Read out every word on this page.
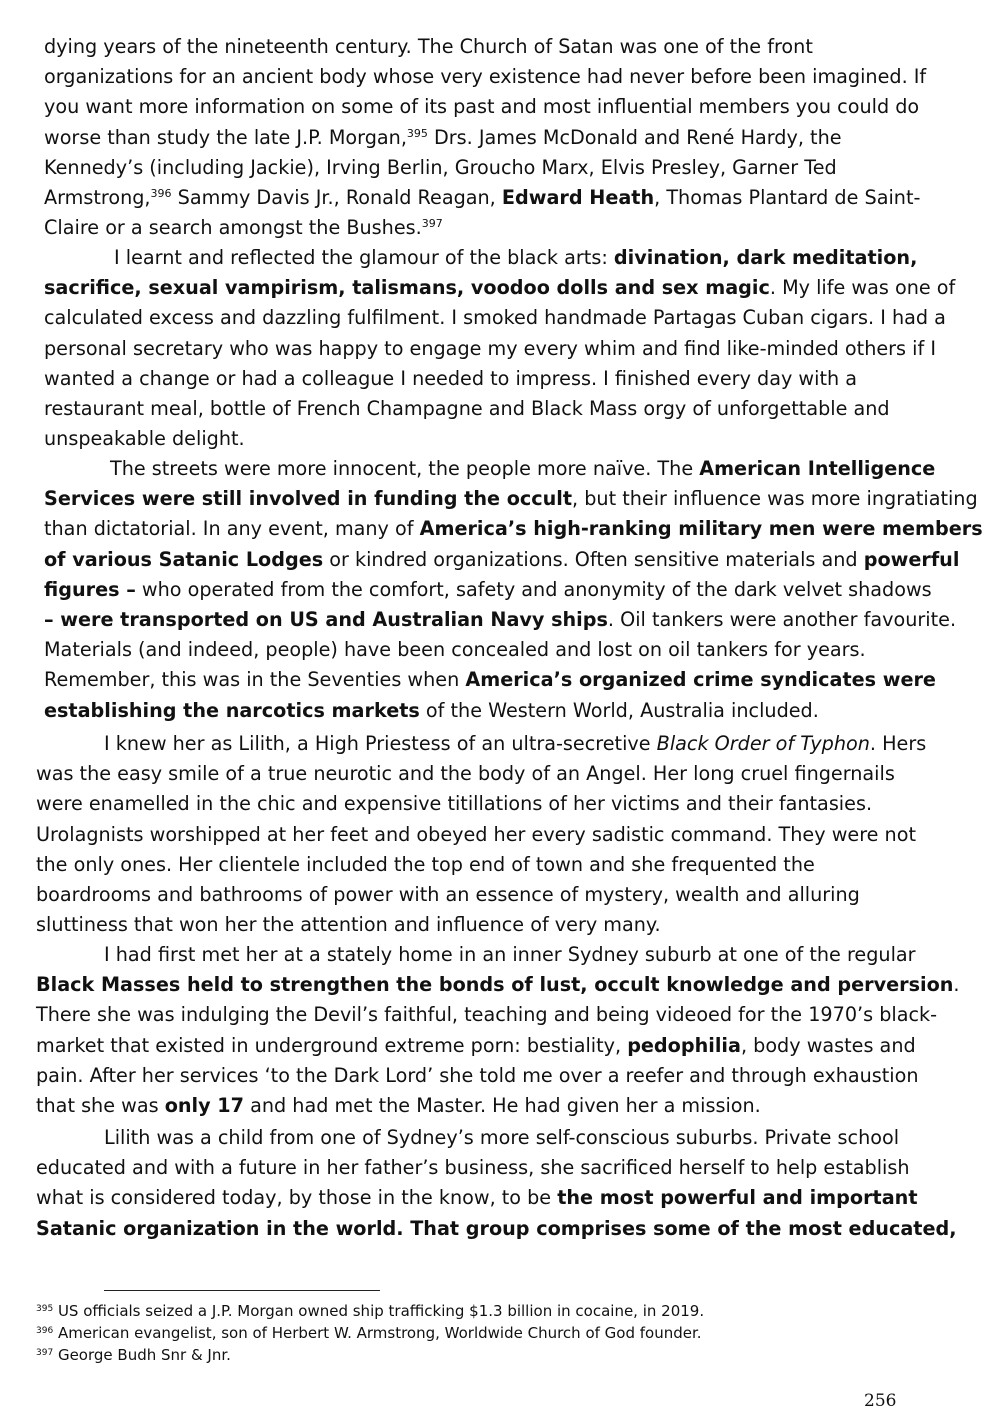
dying years of the nineteenth century. The Church of Satan was one of the front
organizations for an ancient body whose very existence had never before been imagined. If
you want more information on some of its past and most influential members you could do
worse than study the late J.P. Morgan,$^{395}$ Drs. James McDonald and René Hardy, the
Kennedy’s (including Jackie), Irving Berlin, Groucho Marx, Elvis Presley, Garner Ted
Armstrong,$^{396}$ Sammy Davis Jr., Ronald Reagan, Edward Heath, Thomas Plantard de Saint-
Claire or a search amongst the Bushes.$^{397}$
I learnt and reflected the glamour of the black arts: divination, dark meditation,
sacrifice, sexual vampirism, talismans, voodoo dolls and sex magic. My life was one of
calculated excess and dazzling fulfilment. I smoked handmade Partagas Cuban cigars. I had a
personal secretary who was happy to engage my every whim and find like-minded others if I
wanted a change or had a colleague I needed to impress. I finished every day with a
restaurant meal, bottle of French Champagne and Black Mass orgy of unforgettable and
unspeakable delight.
The streets were more innocent, the people more naïve. The American Intelligence
Services were still involved in funding the occult, but their influence was more ingratiating
than dictatorial. In any event, many of America’s high-ranking military men were members
of various Satanic Lodges or kindred organizations. Often sensitive materials and powerful
figures – who operated from the comfort, safety and anonymity of the dark velvet shadows
– were transported on US and Australian Navy ships. Oil tankers were another favourite.
Materials (and indeed, people) have been concealed and lost on oil tankers for years.
Remember, this was in the Seventies when America’s organized crime syndicates were
establishing the narcotics markets of the Western World, Australia included.
I knew her as Lilith, a High Priestess of an ultra-secretive Black Order of Typhon. Hers
was the easy smile of a true neurotic and the body of an Angel. Her long cruel fingernails
were enamelled in the chic and expensive titillations of her victims and their fantasies.
Urolagnists worshipped at her feet and obeyed her every sadistic command. They were not
the only ones. Her clientele included the top end of town and she frequented the
boardrooms and bathrooms of power with an essence of mystery, wealth and alluring
sluttiness that won her the attention and influence of very many.
I had first met her at a stately home in an inner Sydney suburb at one of the regular
Black Masses held to strengthen the bonds of lust, occult knowledge and perversion.
There she was indulging the Devil’s faithful, teaching and being videoed for the 1970’s black-
market that existed in underground extreme porn: bestiality, pedophilia, body wastes and
pain. After her services ‘to the Dark Lord’ she told me over a reefer and through exhaustion
that she was only 17 and had met the Master. He had given her a mission.
Lilith was a child from one of Sydney’s more self-conscious suburbs. Private school
educated and with a future in her father’s business, she sacrificed herself to help establish
what is considered today, by those in the know, to be the most powerful and important
Satanic organization in the world. That group comprises some of the most educated,
$^{395}$ US officials seized a J.P. Morgan owned ship trafficking $1.3 billion in cocaine, in 2019.
$^{396}$ American evangelist, son of Herbert W. Armstrong, Worldwide Church of God founder.
$^{397}$ George Budh Snr & Jnr.
256
